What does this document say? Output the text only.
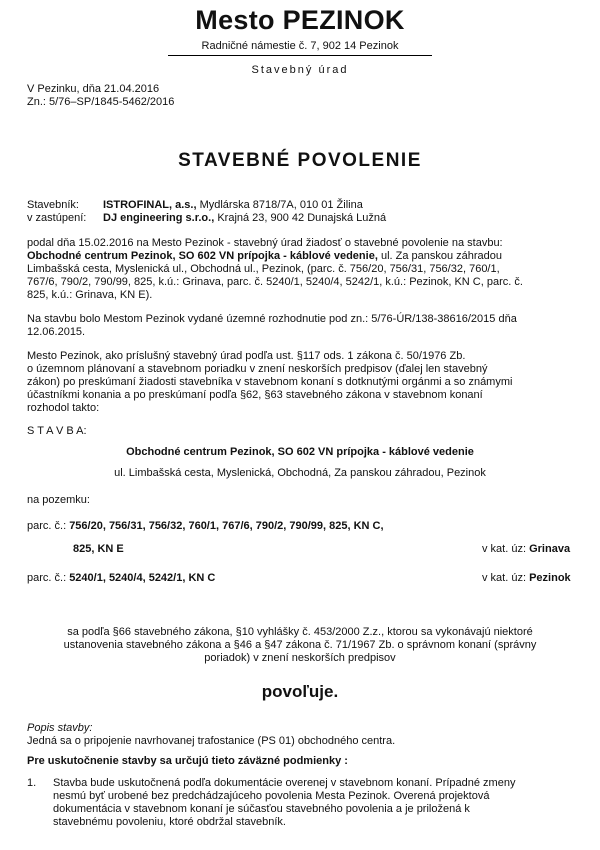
Mesto PEZINOK
Radničné námestie č. 7, 902 14 Pezinok
Stavebný úrad
V Pezinku, dňa 21.04.2016
Zn.: 5/76–SP/1845-5462/2016
STAVEBNÉ POVOLENIE
Stavebník: ISTROFINAL, a.s., Mydlárska 8718/7A, 010 01 Žilina
v zastúpení: DJ engineering s.r.o., Krajná 23, 900 42 Dunajská Lužná
podal dňa 15.02.2016 na Mesto Pezinok - stavebný úrad žiadosť o stavebné povolenie na stavbu:
Obchodné centrum Pezinok, SO 602 VN prípojka - káblové vedenie, ul. Za panskou záhradou
Limbašská cesta, Myslenická ul., Obchodná ul., Pezinok, (parc. č. 756/20, 756/31, 756/32, 760/1,
767/6, 790/2, 790/99, 825, k.ú.: Grinava, parc. č. 5240/1, 5240/4, 5242/1, k.ú.: Pezinok, KN C, parc. č.
825, k.ú.: Grinava, KN E).
Na stavbu bolo Mestom Pezinok vydané územné rozhodnutie pod zn.: 5/76-ÚR/138-38616/2015 dňa
12.06.2015.
Mesto Pezinok, ako príslušný stavebný úrad podľa ust. §117 ods. 1 zákona č. 50/1976 Zb.
o územnom plánovaní a stavebnom poriadku v znení neskorších predpisov (ďalej len stavebný
zákon) po preskúmaní žiadosti stavebníka v stavebnom konaní s dotknutými orgánmi a so známymi
účastníkmi konania a po preskúmaní podľa §62, §63 stavebného zákona v stavebnom konaní
rozhodol takto:
S T A V B A:
Obchodné centrum Pezinok, SO 602 VN prípojka - káblové vedenie
ul. Limbašská cesta, Myslenická, Obchodná, Za panskou záhradou, Pezinok
na pozemku:
parc. č.: 756/20, 756/31, 756/32, 760/1, 767/6, 790/2, 790/99, 825, KN C,
825, KN E	v kat. úz: Grinava
parc. č.: 5240/1, 5240/4, 5242/1, KN C	v kat. úz: Pezinok
sa podľa §66 stavebného zákona, §10 vyhlášky č. 453/2000 Z.z., ktorou sa vykonávajú niektoré
ustanovenia stavebného zákona a §46 a §47 zákona č. 71/1967 Zb. o správnom konaní (správny
poriadok) v znení neskorších predpisov
povoľuje.
Popis stavby:
Jedná sa o pripojenie navrhovanej trafostanice (PS 01) obchodného centra.
Pre uskutočnenie stavby sa určujú tieto záväzné podmienky :
1. Stavba bude uskutočnená podľa dokumentácie overenej v stavebnom konaní. Prípadné zmeny
nesmú byť urobené bez predchádzajúceho povolenia Mesta Pezinok. Overená projektová
dokumentácia v stavebnom konaní je súčasťou stavebného povolenia a je priložená k
stavebnému povoleniu, ktoré obdržal stavebník.
